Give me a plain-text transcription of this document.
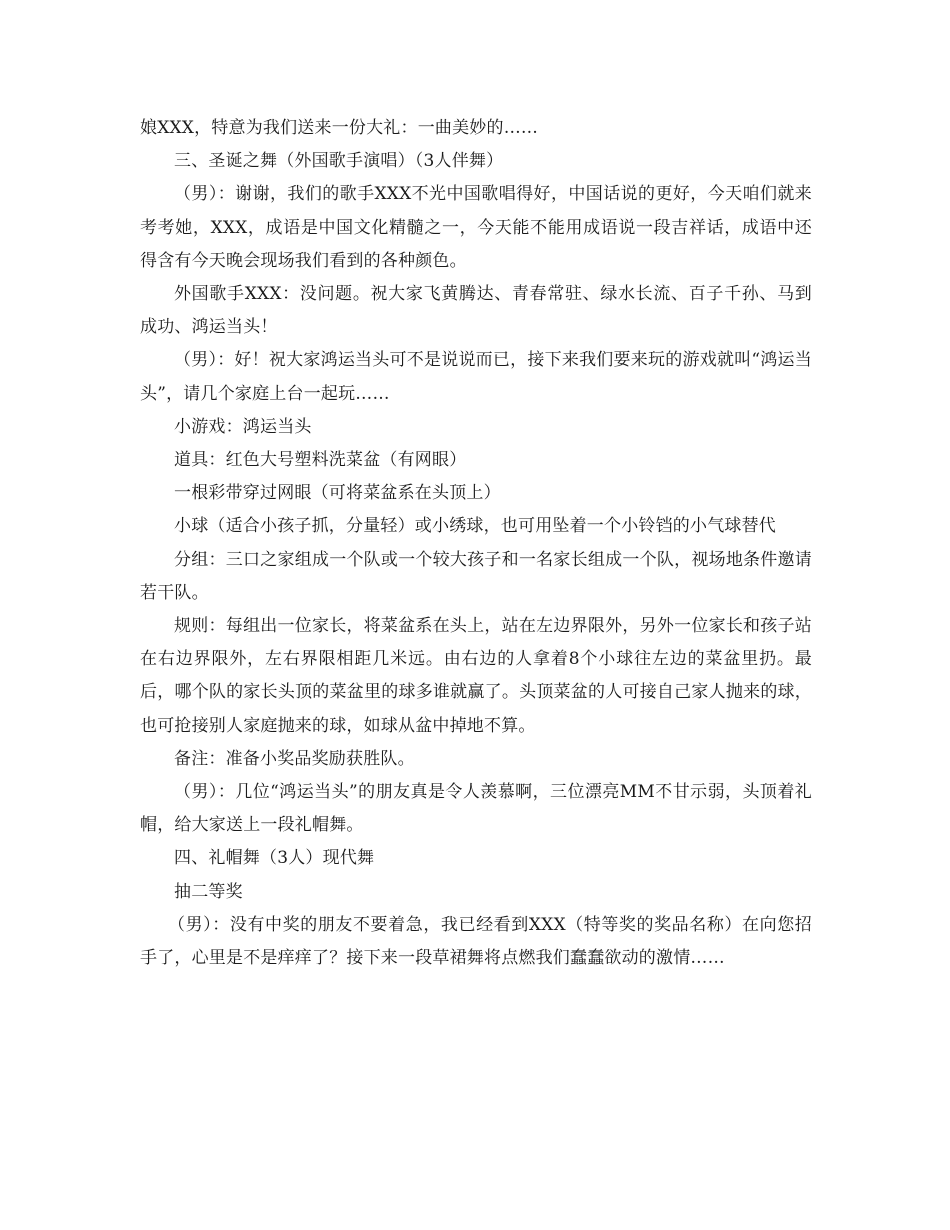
娘XXX，特意为我们送来一份大礼：一曲美妙的……

三、圣诞之舞（外国歌手演唱）（3人伴舞）

（男）：谢谢，我们的歌手XXX不光中国歌唱得好，中国话说的更好，今天咱们就来考考她，XXX，成语是中国文化精髓之一，今天能不能用成语说一段吉祥话，成语中还得含有今天晚会现场我们看到的各种颜色。

外国歌手XXX：没问题。祝大家飞黄腾达、青春常驻、绿水长流、百子千孙、马到成功、鸿运当头！

（男）：好！祝大家鸿运当头可不是说说而已，接下来我们要来玩的游戏就叫“鸿运当头”，请几个家庭上台一起玩……

小游戏：鸿运当头

道具：红色大号塑料洗菜盆（有网眼）

一根彩带穿过网眼（可将菜盆系在头顶上）

小球（适合小孩子抓，分量轻）或小绣球，也可用坠着一个小铃铛的小气球替代

分组：三口之家组成一个队或一个较大孩子和一名家长组成一个队，视场地条件邀请若干队。

规则：每组出一位家长，将菜盆系在头上，站在左边界限外，另外一位家长和孩子站在右边界限外，左右界限相距几米远。由右边的人拿着8个小球往左边的菜盆里扔。最后，哪个队的家长头顶的菜盆里的球多谁就赢了。头顶菜盆的人可接自己家人抛来的球，也可抢接别人家庭抛来的球，如球从盆中掉地不算。

备注：准备小奖品奖励获胜队。

（男）：几位“鸿运当头”的朋友真是令人羡慕啊，三位漂亮MM不甘示弱，头顶着礼帽，给大家送上一段礼帽舞。

四、礼帽舞（3人）现代舞

抽二等奖

（男）：没有中奖的朋友不要着急，我已经看到XXX（特等奖的奖品名称）在向您招手了，心里是不是痒痒了？接下来一段草裙舞将点燃我们蠢蠢欲动的激情……
